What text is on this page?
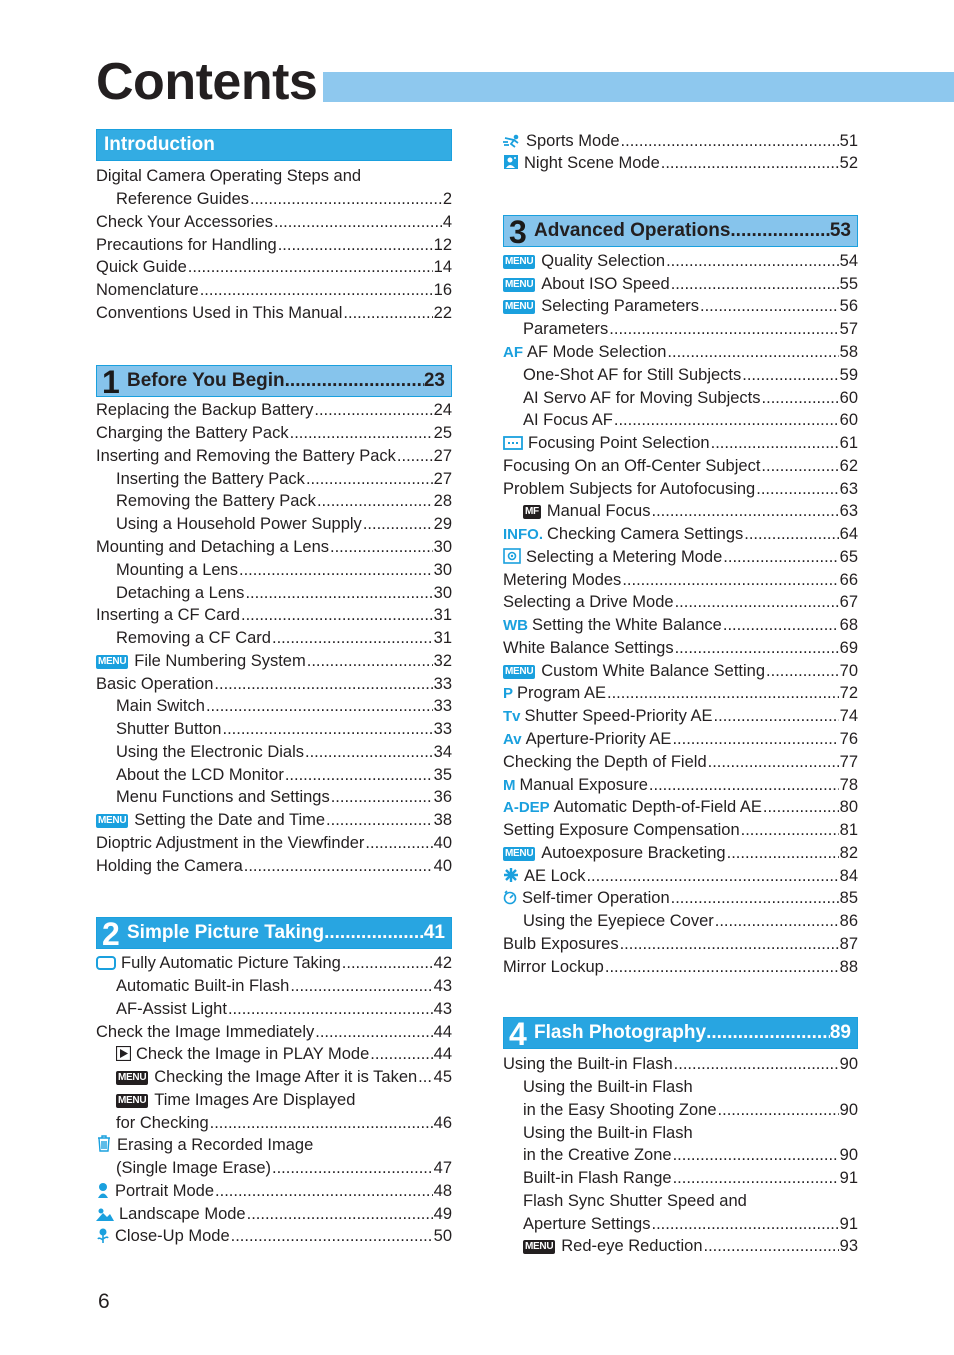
Contents
Introduction
Digital Camera Operating Steps and
Reference Guides .....	2
Check Your Accessories .....	4
Precautions for Handling .....	12
Quick Guide .....	14
Nomenclature .....	16
Conventions Used in This Manual .....	22
1 Before You Begin .....	23
Replacing the Backup Battery .....	24
Charging the Battery Pack .....	25
Inserting and Removing the Battery Pack ..... 27
Inserting the Battery Pack .....	27
Removing the Battery Pack .....	28
Using a Household Power Supply .....	29
Mounting and Detaching a Lens .....	30
Mounting a Lens .....	30
Detaching a Lens .....	30
Inserting a CF Card .....	31
Removing a CF Card .....	31
MENU File Numbering System .....	32
Basic Operation .....	33
Main Switch .....	33
Shutter Button .....	33
Using the Electronic Dials .....	34
About the LCD Monitor .....	35
Menu Functions and Settings .....	36
MENU Setting the Date and Time .....	38
Dioptric Adjustment in the Viewfinder .....	40
Holding the Camera .....	40
2 Simple Picture Taking .....	41
Fully Automatic Picture Taking .....	42
Automatic Built-in Flash .....	43
AF-Assist Light .....	43
Check the Image Immediately .....	44
Check the Image in PLAY Mode .....	44
MENU Checking the Image After it is Taken ..... 45
MENU Time Images Are Displayed
for Checking .....	46
Erasing a Recorded Image
(Single Image Erase) .....	47
Portrait Mode .....	48
Landscape Mode .....	49
Close-Up Mode .....	50
Sports Mode .....	51
Night Scene Mode .....	52
3 Advanced Operations .....	53
MENU Quality Selection .....	54
MENU About ISO Speed .....	55
MENU Selecting Parameters .....	56
Parameters .....	57
AF AF Mode Selection .....	58
One-Shot AF for Still Subjects .....	59
AI Servo AF for Moving Subjects .....	60
AI Focus AF .....	60
Focusing Point Selection .....	61
Focusing On an Off-Center Subject .....	62
Problem Subjects for Autofocusing .....	63
MF Manual Focus .....	63
INFO. Checking Camera Settings .....	64
Selecting a Metering Mode .....	65
Metering Modes .....	66
Selecting a Drive Mode .....	67
WB Setting the White Balance .....	68
White Balance Settings .....	69
MENU Custom White Balance Setting .....	70
P Program AE .....	72
Tv Shutter Speed-Priority AE .....	74
Av Aperture-Priority AE .....	76
Checking the Depth of Field .....	77
M Manual Exposure .....	78
A-DEP Automatic Depth-of-Field AE .....	80
Setting Exposure Compensation .....	81
MENU Autoexposure Bracketing .....	82
AE Lock .....	84
Self-timer Operation .....	85
Using the Eyepiece Cover .....	86
Bulb Exposures .....	87
Mirror Lockup .....	88
4 Flash Photography .....	89
Using the Built-in Flash .....	90
Using the Built-in Flash
in the Easy Shooting Zone .....	90
Using the Built-in Flash
in the Creative Zone .....	90
Built-in Flash Range .....	91
Flash Sync Shutter Speed and
Aperture Settings .....	91
MENU Red-eye Reduction .....	93
6
